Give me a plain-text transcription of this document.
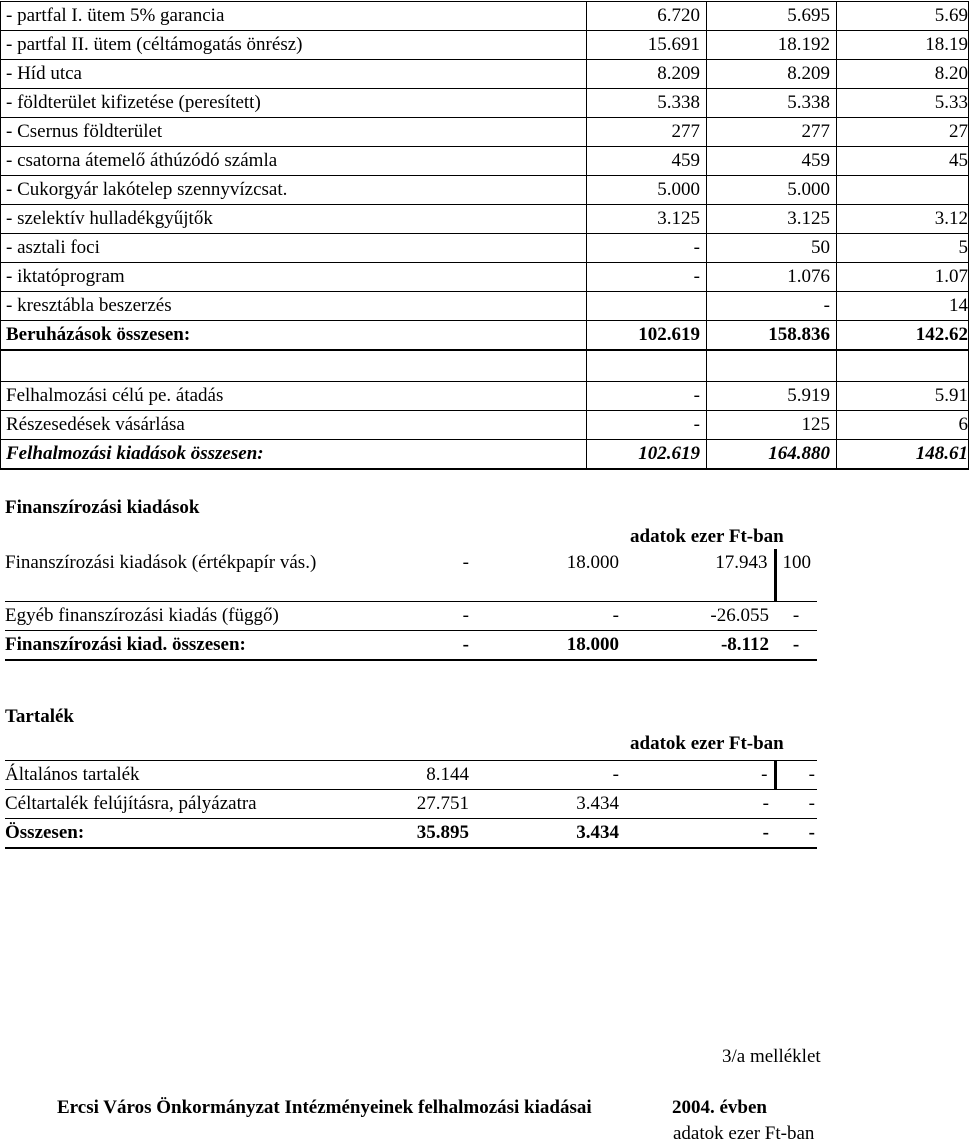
- partfal I. ütem 5% garancia	6.720	5.695	5.69
- partfal II. ütem (céltámogatás önrész)	15.691	18.192	18.19
- Híd utca	8.209	8.209	8.20
- földterület kifizetése (peresített)	5.338	5.338	5.33
- Csernus földterület	277	277	27
- csatorna átemelő áthúzódó számla	459	459	45
- Cukorgyár lakótelep szennyvízcsat.	5.000	5.000	
- szelektív hulladékgyűjtők	3.125	3.125	3.12
- asztali foci	-	50	5
- iktatóprogram	-	1.076	1.07
- kresztábla beszerzés		-	14
Beruházások összesen:	102.619	158.836	142.62

Felhalmozási célú pe. átadás	-	5.919	5.91
Részesedések vásárlása	-	125	6
Felhalmozási kiadások összesen:	102.619	164.880	148.61
Finanszírozási kiadások
adatok ezer Ft-ban
Finanszírozási kiadások (értékpapír vás.)	-	18.000	17.943	100
Egyéb finanszírozási kiadás (függő)	-	-	-26.055	-
Finanszírozási kiad. összesen:	-	18.000	-8.112	-
Tartalék
adatok ezer Ft-ban
Általános tartalék	8.144	-	-	-
Céltartalék felújításra, pályázatra	27.751	3.434	-	-
Összesen:	35.895	3.434	-	-
3/a melléklet
Ercsi Város Önkormányzat Intézményeinek felhalmozási kiadásai	2004. évben
adatok ezer Ft-ban
